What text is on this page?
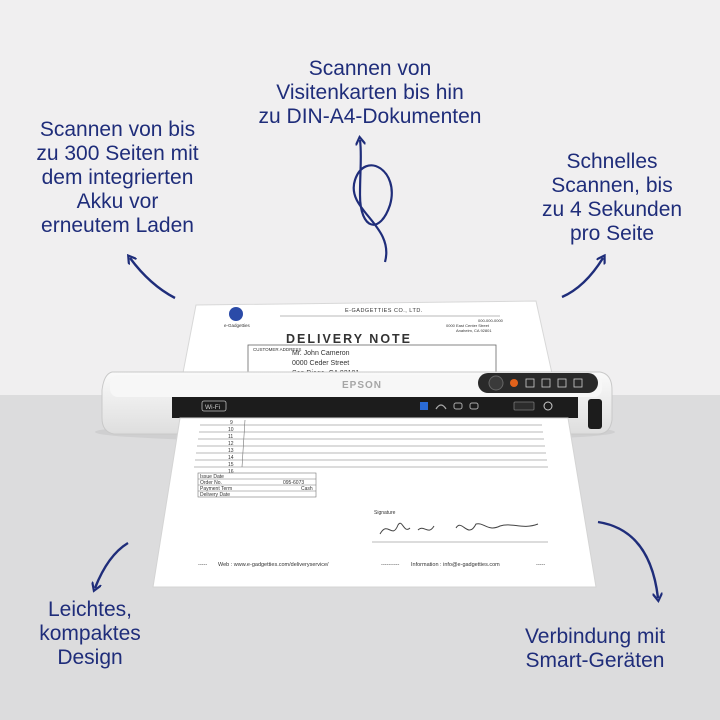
e-Gadgetties
E-GADGETTIES CO., LTD.
000-000-0000
0000 East Center Street
Anaheim, CA 92801
DELIVERY NOTE
CUSTOMER ADDRESS
Mr. John Cameron
0000 Ceder Street
EPSON
Wi-Fi
9
10
11
12
13
14
15
16
Issue Date
Order No.	095-6073
Payment Term	Cash
Delivery Date
Signature
----- Web : www.e-gadgetties.com/deliveryservice/	---------- Information : info@e-gadgetties.com	-----

Scannen von
Visitenkarten bis hin
zu DIN-A4-Dokumenten

Scannen von bis
zu 300 Seiten mit
dem integrierten
Akku vor
erneutem Laden

Schnelles
Scannen, bis
zu 4 Sekunden
pro Seite

Leichtes,
kompaktes
Design

Verbindung mit
Smart-Geräten
